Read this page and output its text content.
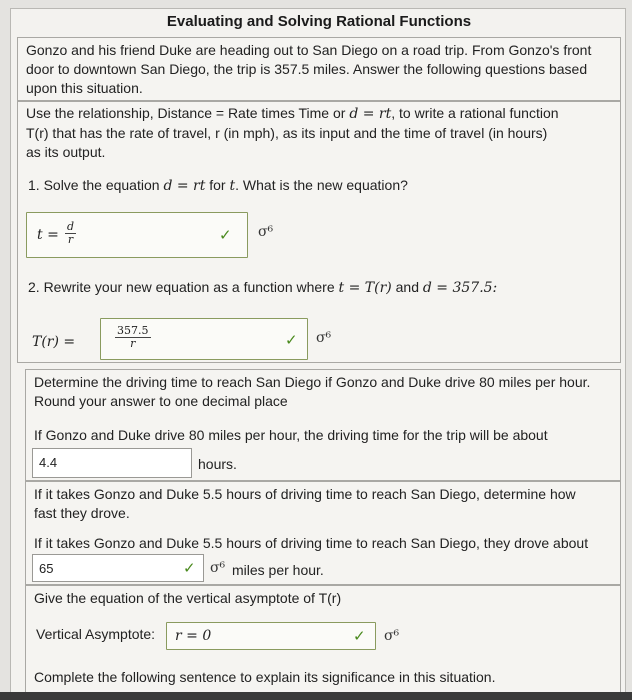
Evaluating and Solving Rational Functions
Gonzo and his friend Duke are heading out to San Diego on a road trip. From Gonzo's front door to downtown San Diego, the trip is 357.5 miles. Answer the following questions based upon this situation.
Use the relationship, Distance = Rate times Time or d = rt, to write a rational function
T(r) that has the rate of travel, r (in mph), as its input and the time of travel (in hours)
as its output.
1. Solve the equation d = rt for t. What is the new equation?
$t = \frac{d}{r}$	✓ σ⁶
2. Rewrite your new equation as a function where t = T(r) and d = 357.5:
T(r) =	$\frac{357.5}{r}$	✓ σ⁶
Determine the driving time to reach San Diego if Gonzo and Duke drive 80 miles per hour.
Round your answer to one decimal place
If Gonzo and Duke drive 80 miles per hour, the driving time for the trip will be about
4.4	hours.
If it takes Gonzo and Duke 5.5 hours of driving time to reach San Diego, determine how
fast they drove.
If it takes Gonzo and Duke 5.5 hours of driving time to reach San Diego, they drove about
65	✓ σ⁶ miles per hour.
Give the equation of the vertical asymptote of T(r)
Vertical Asymptote: r = 0	✓ σ⁶
Complete the following sentence to explain its significance in this situation.
